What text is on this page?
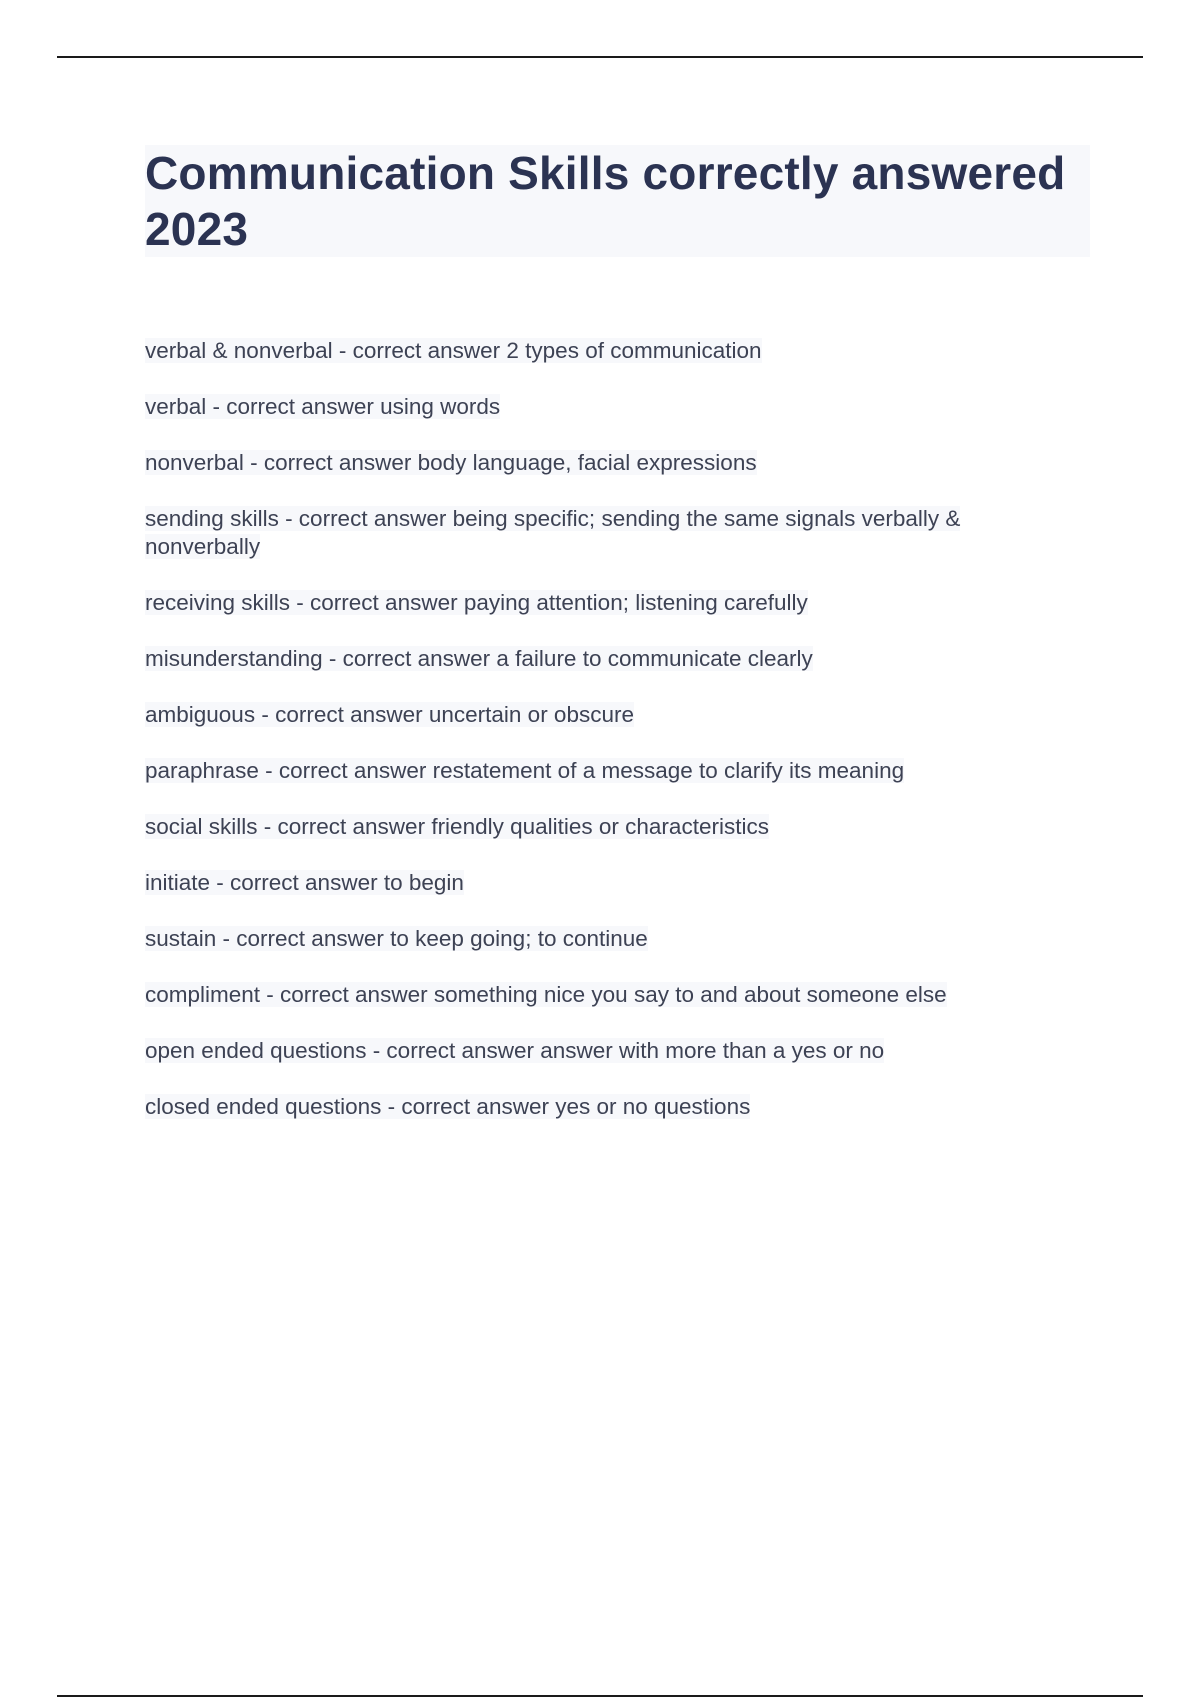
Communication Skills correctly answered 2023
verbal & nonverbal - correct answer 2 types of communication
verbal - correct answer using words
nonverbal - correct answer body language, facial expressions
sending skills - correct answer being specific; sending the same signals verbally & nonverbally
receiving skills - correct answer paying attention; listening carefully
misunderstanding - correct answer a failure to communicate clearly
ambiguous - correct answer uncertain or obscure
paraphrase - correct answer restatement of a message to clarify its meaning
social skills - correct answer friendly qualities or characteristics
initiate - correct answer to begin
sustain - correct answer to keep going; to continue
compliment - correct answer something nice you say to and about someone else
open ended questions - correct answer answer with more than a yes or no
closed ended questions - correct answer yes or no questions
